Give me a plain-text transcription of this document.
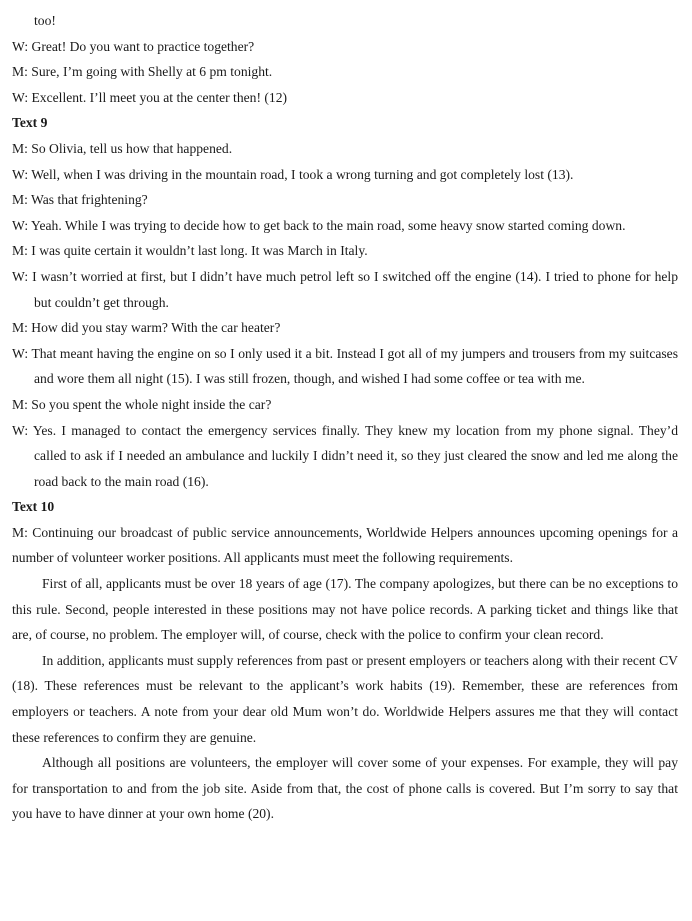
too!

W: Great! Do you want to practice together?

M: Sure, I’m going with Shelly at 6 pm tonight.

W: Excellent. I’ll meet you at the center then! (12)

Text 9

M: So Olivia, tell us how that happened.

W: Well, when I was driving in the mountain road, I took a wrong turning and got completely lost (13).

M: Was that frightening?

W: Yeah. While I was trying to decide how to get back to the main road, some heavy snow started coming down.

M: I was quite certain it wouldn’t last long. It was March in Italy.

W: I wasn’t worried at first, but I didn’t have much petrol left so I switched off the engine (14). I tried to phone for help but couldn’t get through.

M: How did you stay warm? With the car heater?

W: That meant having the engine on so I only used it a bit. Instead I got all of my jumpers and trousers from my suitcases and wore them all night (15). I was still frozen, though, and wished I had some coffee or tea with me.

M: So you spent the whole night inside the car?

W: Yes. I managed to contact the emergency services finally. They knew my location from my phone signal. They’d called to ask if I needed an ambulance and luckily I didn’t need it, so they just cleared the snow and led me along the road back to the main road (16).

Text 10

M: Continuing our broadcast of public service announcements, Worldwide Helpers announces upcoming openings for a number of volunteer worker positions. All applicants must meet the following requirements.

First of all, applicants must be over 18 years of age (17). The company apologizes, but there can be no exceptions to this rule. Second, people interested in these positions may not have police records. A parking ticket and things like that are, of course, no problem. The employer will, of course, check with the police to confirm your clean record.

In addition, applicants must supply references from past or present employers or teachers along with their recent CV (18). These references must be relevant to the applicant’s work habits (19). Remember, these are references from employers or teachers. A note from your dear old Mum won’t do. Worldwide Helpers assures me that they will contact these references to confirm they are genuine.

Although all positions are volunteers, the employer will cover some of your expenses. For example, they will pay for transportation to and from the job site. Aside from that, the cost of phone calls is covered. But I’m sorry to say that you have to have dinner at your own home (20).
